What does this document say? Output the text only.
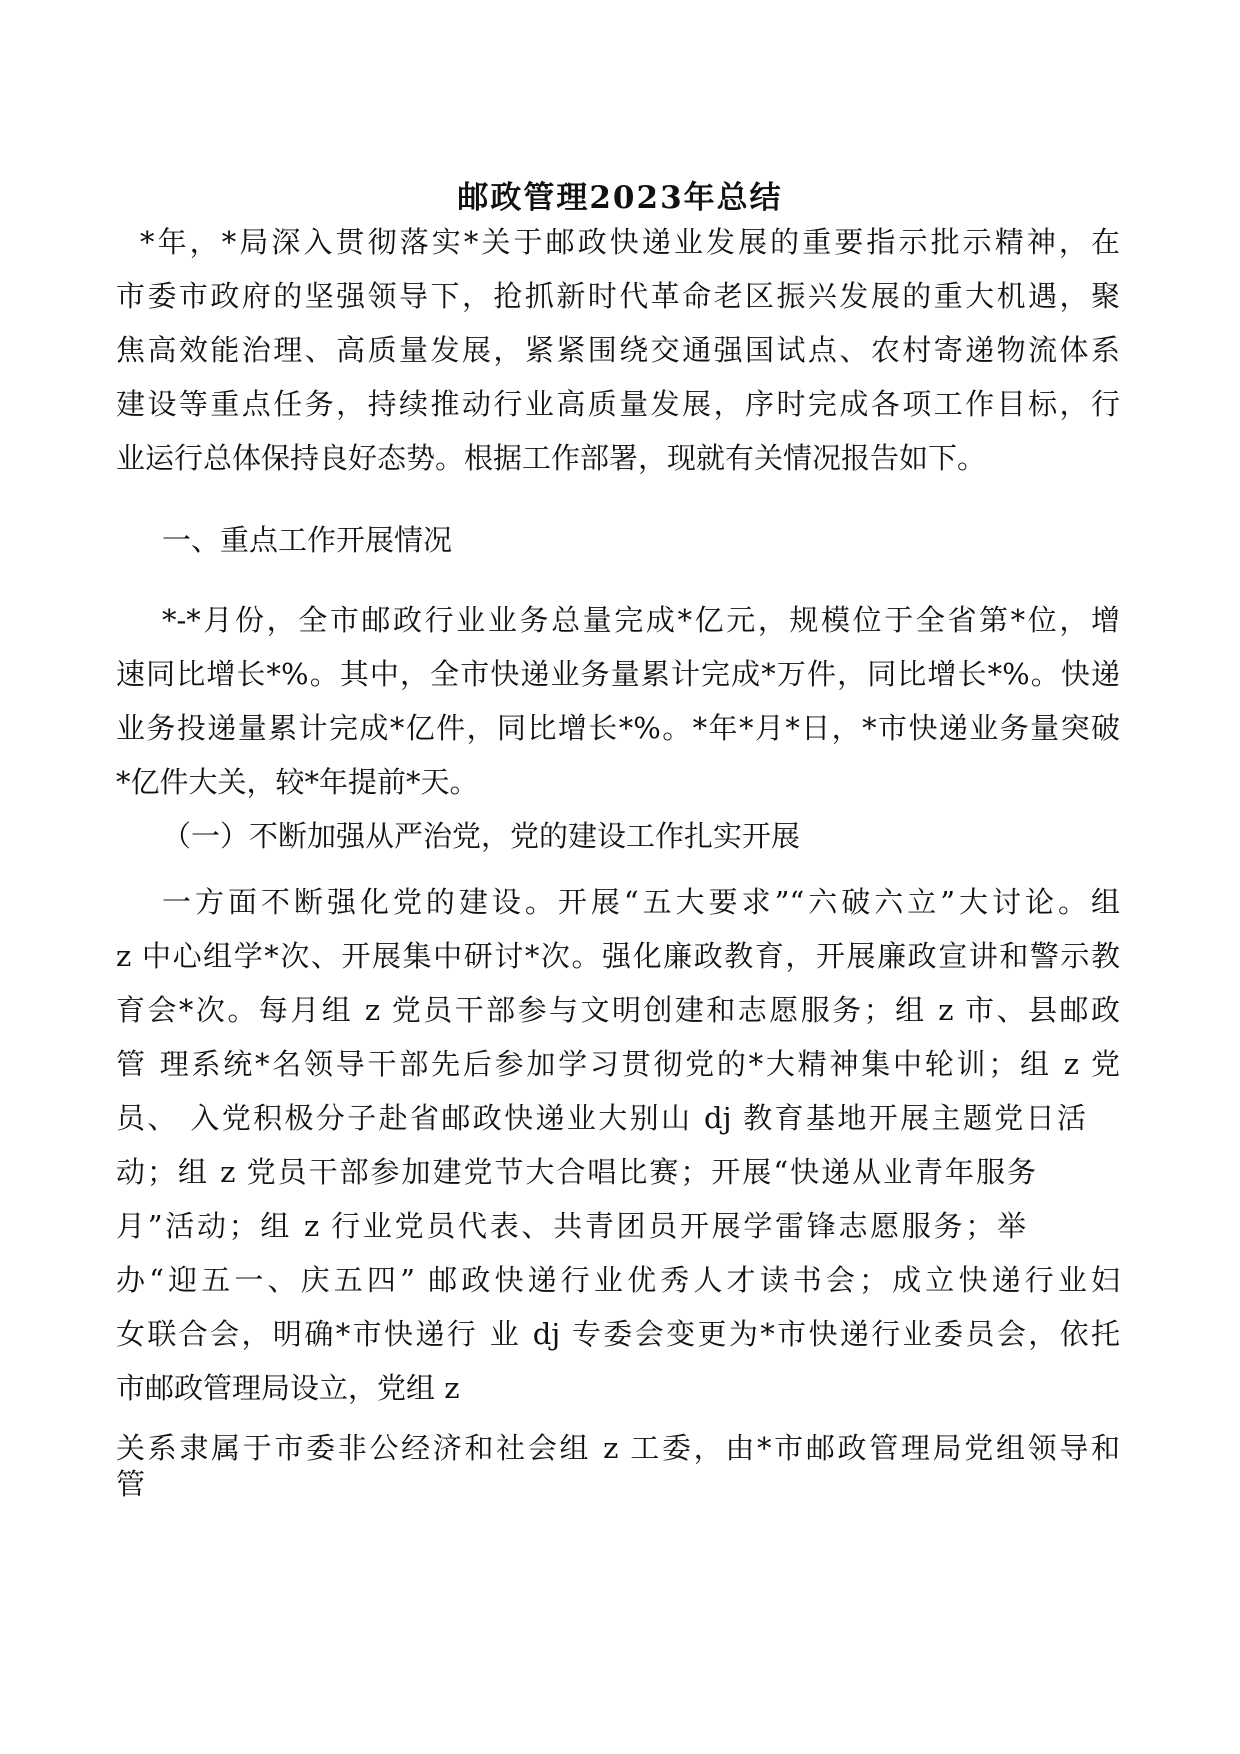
邮政管理2023年总结
*年，*局深入贯彻落实*关于邮政快递业发展的重要指示批示精神，在
市委市政府的坚强领导下，抢抓新时代革命老区振兴发展的重大机遇，聚
焦高效能治理、高质量发展，紧紧围绕交通强国试点、农村寄递物流体系
建设等重点任务，持续推动行业高质量发展，序时完成各项工作目标，行
业运行总体保持良好态势。根据工作部署，现就有关情况报告如下。
一、重点工作开展情况
*-*月份，全市邮政行业业务总量完成*亿元，规模位于全省第*位，增
速同比增长*%。其中，全市快递业务量累计完成*万件，同比增长*%。快递
业务投递量累计完成*亿件，同比增长*%。*年*月*日，*市快递业务量突破
*亿件大关，较*年提前*天。
（一）不断加强从严治党，党的建设工作扎实开展
一方面不断强化党的建设。开展“五大要求”“六破六立”大讨论。组
z 中心组学*次、开展集中研讨*次。强化廉政教育，开展廉政宣讲和警示教
育会*次。每月组 z 党员干部参与文明创建和志愿服务；组 z 市、县邮政
管 理系统*名领导干部先后参加学习贯彻党的*大精神集中轮训；组 z 党
员、 入党积极分子赴省邮政快递业大别山 dj 教育基地开展主题党日活
动；组 z 党员干部参加建党节大合唱比赛；开展“快递从业青年服务
月”活动；组 z 行业党员代表、共青团员开展学雷锋志愿服务；举
办“迎五一、庆五四” 邮政快递行业优秀人才读书会；成立快递行业妇
女联合会，明确*市快递行 业 dj 专委会变更为*市快递行业委员会，依托
市邮政管理局设立，党组 z
关系隶属于市委非公经济和社会组 z 工委，由*市邮政管理局党组领导和
管
